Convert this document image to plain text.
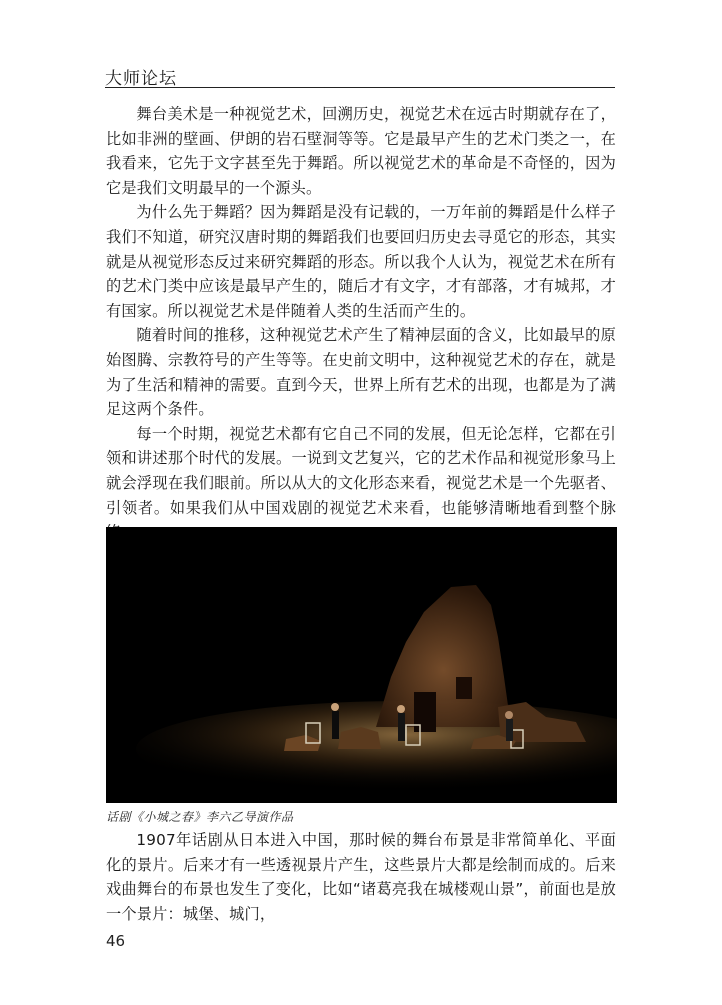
大师论坛

舞台美术是一种视觉艺术，回溯历史，视觉艺术在远古时期就存在了，比如非洲的壁画、伊朗的岩石壁洞等等。它是最早产生的艺术门类之一，在我看来，它先于文字甚至先于舞蹈。所以视觉艺术的革命是不奇怪的，因为它是我们文明最早的一个源头。

为什么先于舞蹈？因为舞蹈是没有记载的，一万年前的舞蹈是什么样子我们不知道，研究汉唐时期的舞蹈我们也要回归历史去寻觅它的形态，其实就是从视觉形态反过来研究舞蹈的形态。所以我个人认为，视觉艺术在所有的艺术门类中应该是最早产生的，随后才有文字，才有部落，才有城邦，才有国家。所以视觉艺术是伴随着人类的生活而产生的。

随着时间的推移，这种视觉艺术产生了精神层面的含义，比如最早的原始图腾、宗教符号的产生等等。在史前文明中，这种视觉艺术的存在，就是为了生活和精神的需要。直到今天，世界上所有艺术的出现，也都是为了满足这两个条件。

每一个时期，视觉艺术都有它自己不同的发展，但无论怎样，它都在引领和讲述那个时代的发展。一说到文艺复兴，它的艺术作品和视觉形象马上就会浮现在我们眼前。所以从大的文化形态来看，视觉艺术是一个先驱者、引领者。如果我们从中国戏剧的视觉艺术来看，也能够清晰地看到整个脉

话剧《小城之春》李六乙导演作品

1907年话剧从日本进入中国，那时候的舞台布景是非常简单化、平面化的景片。后来才有一些透视景片产生，这些景片大都是绘制而成的。后来戏曲舞台的布景也发生了变化，比如“诸葛亮我在城楼观山景”，前面也是放一个景片：城堡、城门，

46
